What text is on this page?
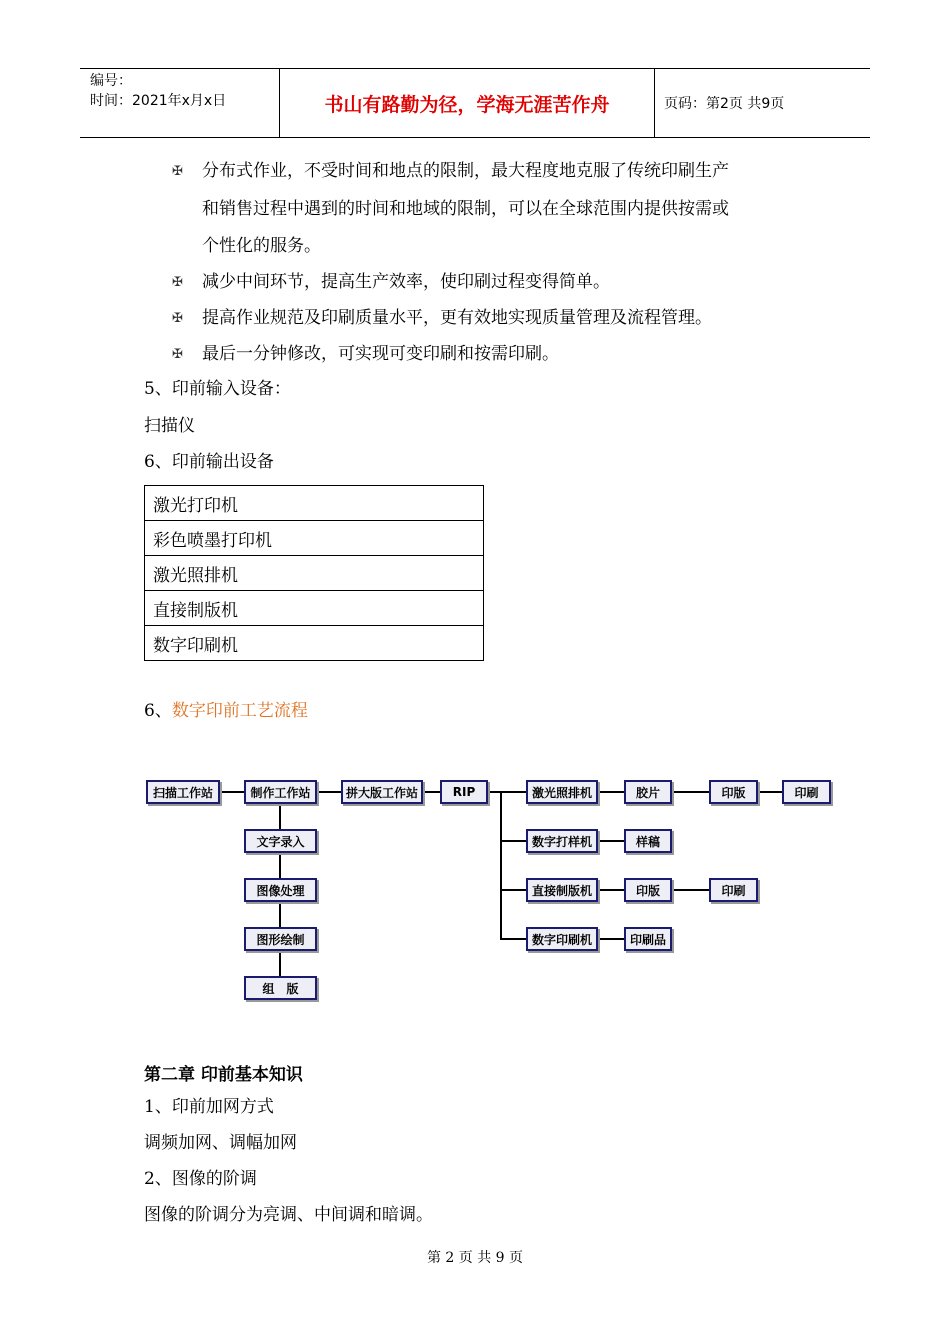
编号：
时间：2021年x月x日	书山有路勤为径，学海无涯苦作舟	页码：第2页 共9页
✠ 分布式作业，不受时间和地点的限制，最大程度地克服了传统印刷生产
和销售过程中遇到的时间和地域的限制，可以在全球范围内提供按需或
个性化的服务。
✠ 减少中间环节，提高生产效率，使印刷过程变得简单。
✠ 提高作业规范及印刷质量水平，更有效地实现质量管理及流程管理。
✠ 最后一分钟修改，可实现可变印刷和按需印刷。
5、印前输入设备：
扫描仪
6、印前输出设备
激光打印机
彩色喷墨打印机
激光照排机
直接制版机
数字印刷机
6、数字印前工艺流程
扫描工作站	制作工作站	拼大版工作站	RIP
文字录入
图像处理
图形绘制
组　版
激光照排机	胶片	印版	印刷
数字打样机	样稿
直接制版机	印版	印刷
数字印刷机	印刷品
第二章 印前基本知识
1、印前加网方式
调频加网、调幅加网
2、图像的阶调
图像的阶调分为亮调、中间调和暗调。
第 2 页 共 9 页
